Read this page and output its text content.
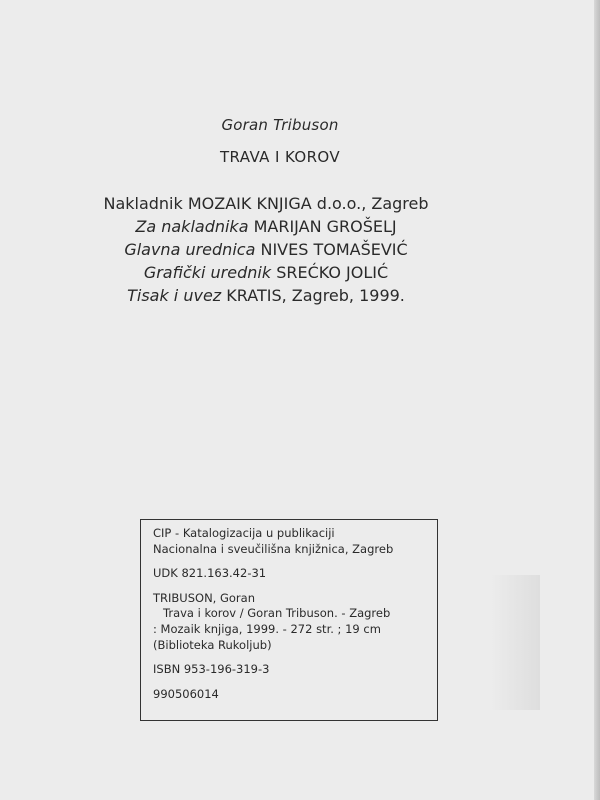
Goran Tribuson
TRAVA I KOROV
Nakladnik MOZAIK KNJIGA d.o.o., Zagreb
Za nakladnika MARIJAN GROŠELJ
Glavna urednica NIVES TOMAŠEVIĆ
Grafički urednik SREĆKO JOLIĆ
Tisak i uvez KRATIS, Zagreb, 1999.
CIP - Katalogizacija u publikaciji
Nacionalna i sveučilišna knjižnica, Zagreb
UDK 821.163.42-31
TRIBUSON, Goran
Trava i korov / Goran Tribuson. - Zagreb
: Mozaik knjiga, 1999. - 272 str. ; 19 cm
(Biblioteka Rukoljub)
ISBN 953-196-319-3
990506014
